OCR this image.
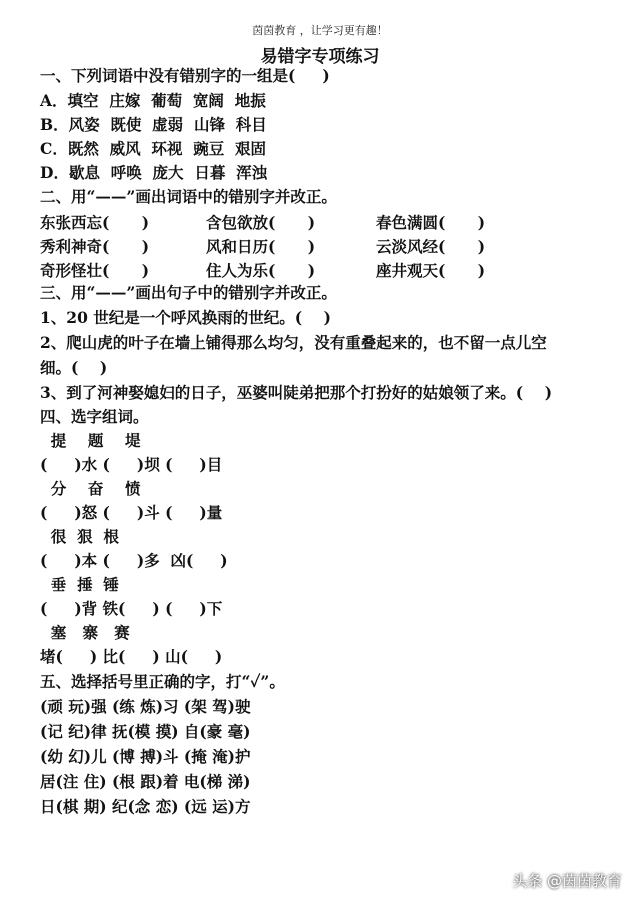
茵茵教育 ，让学习更有趣！
易错字专项练习
一、下列词语中没有错别字的一组是(     )
A．填空  庄嫁  葡萄  宽阔  地振
B．风姿  既使  虚弱  山锋  科目
C．既然  威风  环视  豌豆  艰固
D．歇息  呼唤  庞大  日暮  浑浊
二、用“——”画出词语中的错别字并改正。
东张西忘(      )	含包欲放(      )	春色满圆(      )
秀利神奇(      )	风和日历(      )	云淡风经(      )
奇形怪壮(      )	住人为乐(      )	座井观天(      )
三、用“——”画出句子中的错别字并改正。
1、20 世纪是一个呼风换雨的世纪。(    )
2、爬山虎的叶子在墙上铺得那么均匀，没有重叠起来的，也不留一点儿空
细。(    )
3、到了河神娶媳妇的日子，巫婆叫陡弟把那个打扮好的姑娘领了来。(    )
四、选字组词。
提    题    堤
(     )水 (     )坝 (     )目
分    奋    愤
(     )怒 (     )斗 (     )量
很  狠  根
(     )本 (     )多  凶(     )
垂  捶  锤
(     )背 铁(     ) (     )下
塞   寨   赛
堵(     ) 比(     ) 山(     )
五、选择括号里正确的字，打“✓”。
(顽 玩)强 (练 炼)习 (架 驾)驶
(记 纪)律 抚(模 摸) 自(豪 毫)
(幼 幻)儿 (博 搏)斗 (掩 淹)护
居(注 住) (根 跟)着 电(梯 涕)
日(棋 期) 纪(念 恋) (远 运)方
头条 @茵茵教育
